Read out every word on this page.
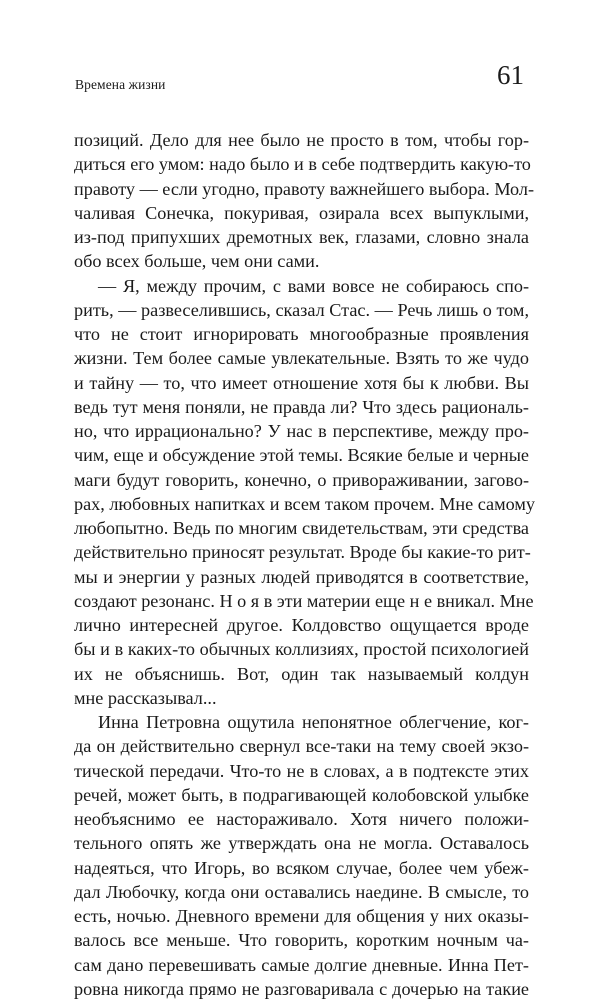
Времена жизни	61
позиций. Дело для нее было не просто в том, чтобы гор-
диться его умом: надо было и в себе подтвердить какую-то
правоту — если угодно, правоту важнейшего выбора. Мол-
чаливая Сонечка, покуривая, озирала всех выпуклыми,
из-под припухших дремотных век, глазами, словно знала
обо всех больше, чем они сами.
— Я, между прочим, с вами вовсе не собираюсь спо-
рить, — развеселившись, сказал Стас. — Речь лишь о том,
что не стоит игнорировать многообразные проявления
жизни. Тем более самые увлекательные. Взять то же чудо
и тайну — то, что имеет отношение хотя бы к любви. Вы
ведь тут меня поняли, не правда ли? Что здесь рациональ-
но, что иррационально? У нас в перспективе, между про-
чим, еще и обсуждение этой темы. Всякие белые и черные
маги будут говорить, конечно, о привораживании, загово-
рах, любовных напитках и всем таком прочем. Мне самому
любопытно. Ведь по многим свидетельствам, эти средства
действительно приносят результат. Вроде бы какие-то рит-
мы и энергии у разных людей приводятся в соответствие,
создают резонанс. Н о я в эти материи еще н е вникал. Мне
лично интересней другое. Колдовство ощущается вроде
бы и в каких-то обычных коллизиях, простой психологией
их не объяснишь. Вот, один так называемый колдун
мне рассказывал...
Инна Петровна ощутила непонятное облегчение, ког-
да он действительно свернул все-таки на тему своей экзо-
тической передачи. Что-то не в словах, а в подтексте этих
речей, может быть, в подрагивающей колобовской улыбке
необъяснимо ее настораживало. Хотя ничего положи-
тельного опять же утверждать она не могла. Оставалось
надеяться, что Игорь, во всяком случае, более чем убеж-
дал Любочку, когда они оставались наедине. В смысле, то
есть, ночью. Дневного времени для общения у них оказы-
валось все меньше. Что говорить, коротким ночным ча-
сам дано перевешивать самые долгие дневные. Инна Пет-
ровна никогда прямо не разговаривала с дочерью на такие
